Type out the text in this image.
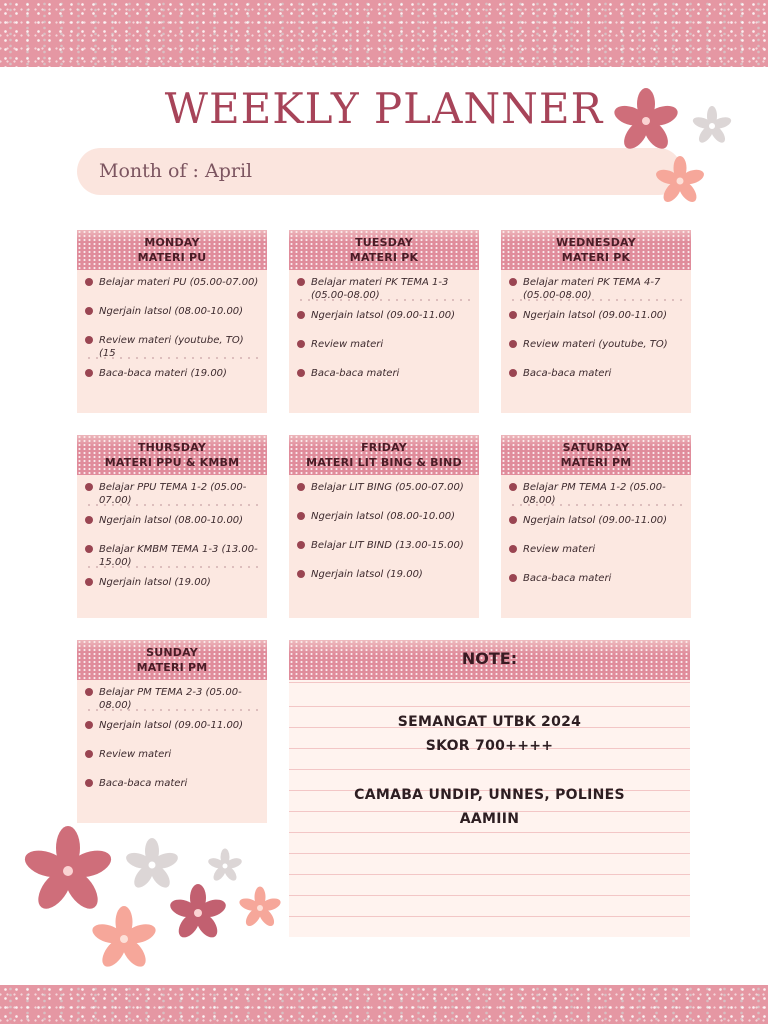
WEEKLY PLANNER
Month of : April
MONDAY
MATERI PU
Belajar materi PU (05.00-07.00)
Ngerjain latsol (08.00-10.00)
Review materi (youtube, TO) (15
Baca-baca materi (19.00)
TUESDAY
MATERI PK
Belajar materi PK TEMA 1-3 (05.00-08.00)
Ngerjain latsol (09.00-11.00)
Review materi
Baca-baca materi
WEDNESDAY
MATERI PK
Belajar materi PK TEMA 4-7 (05.00-08.00)
Ngerjain latsol (09.00-11.00)
Review materi (youtube, TO)
Baca-baca materi
THURSDAY
MATERI PPU & KMBM
Belajar PPU TEMA 1-2 (05.00-07.00)
Ngerjain latsol (08.00-10.00)
Belajar KMBM TEMA 1-3 (13.00-15.00)
Ngerjain latsol (19.00)
FRIDAY
MATERI LIT BING & BIND
Belajar LIT BING (05.00-07.00)
Ngerjain latsol (08.00-10.00)
Belajar LIT BIND (13.00-15.00)
Ngerjain latsol (19.00)
SATURDAY
MATERI PM
Belajar PM TEMA 1-2 (05.00-08.00)
Ngerjain latsol (09.00-11.00)
Review materi
Baca-baca materi
SUNDAY
MATERI PM
Belajar PM TEMA 2-3 (05.00-08.00)
Ngerjain latsol (09.00-11.00)
Review materi
Baca-baca materi
NOTE:
SEMANGAT UTBK 2024
SKOR 700++++
CAMABA UNDIP, UNNES, POLINES
AAMIIN
